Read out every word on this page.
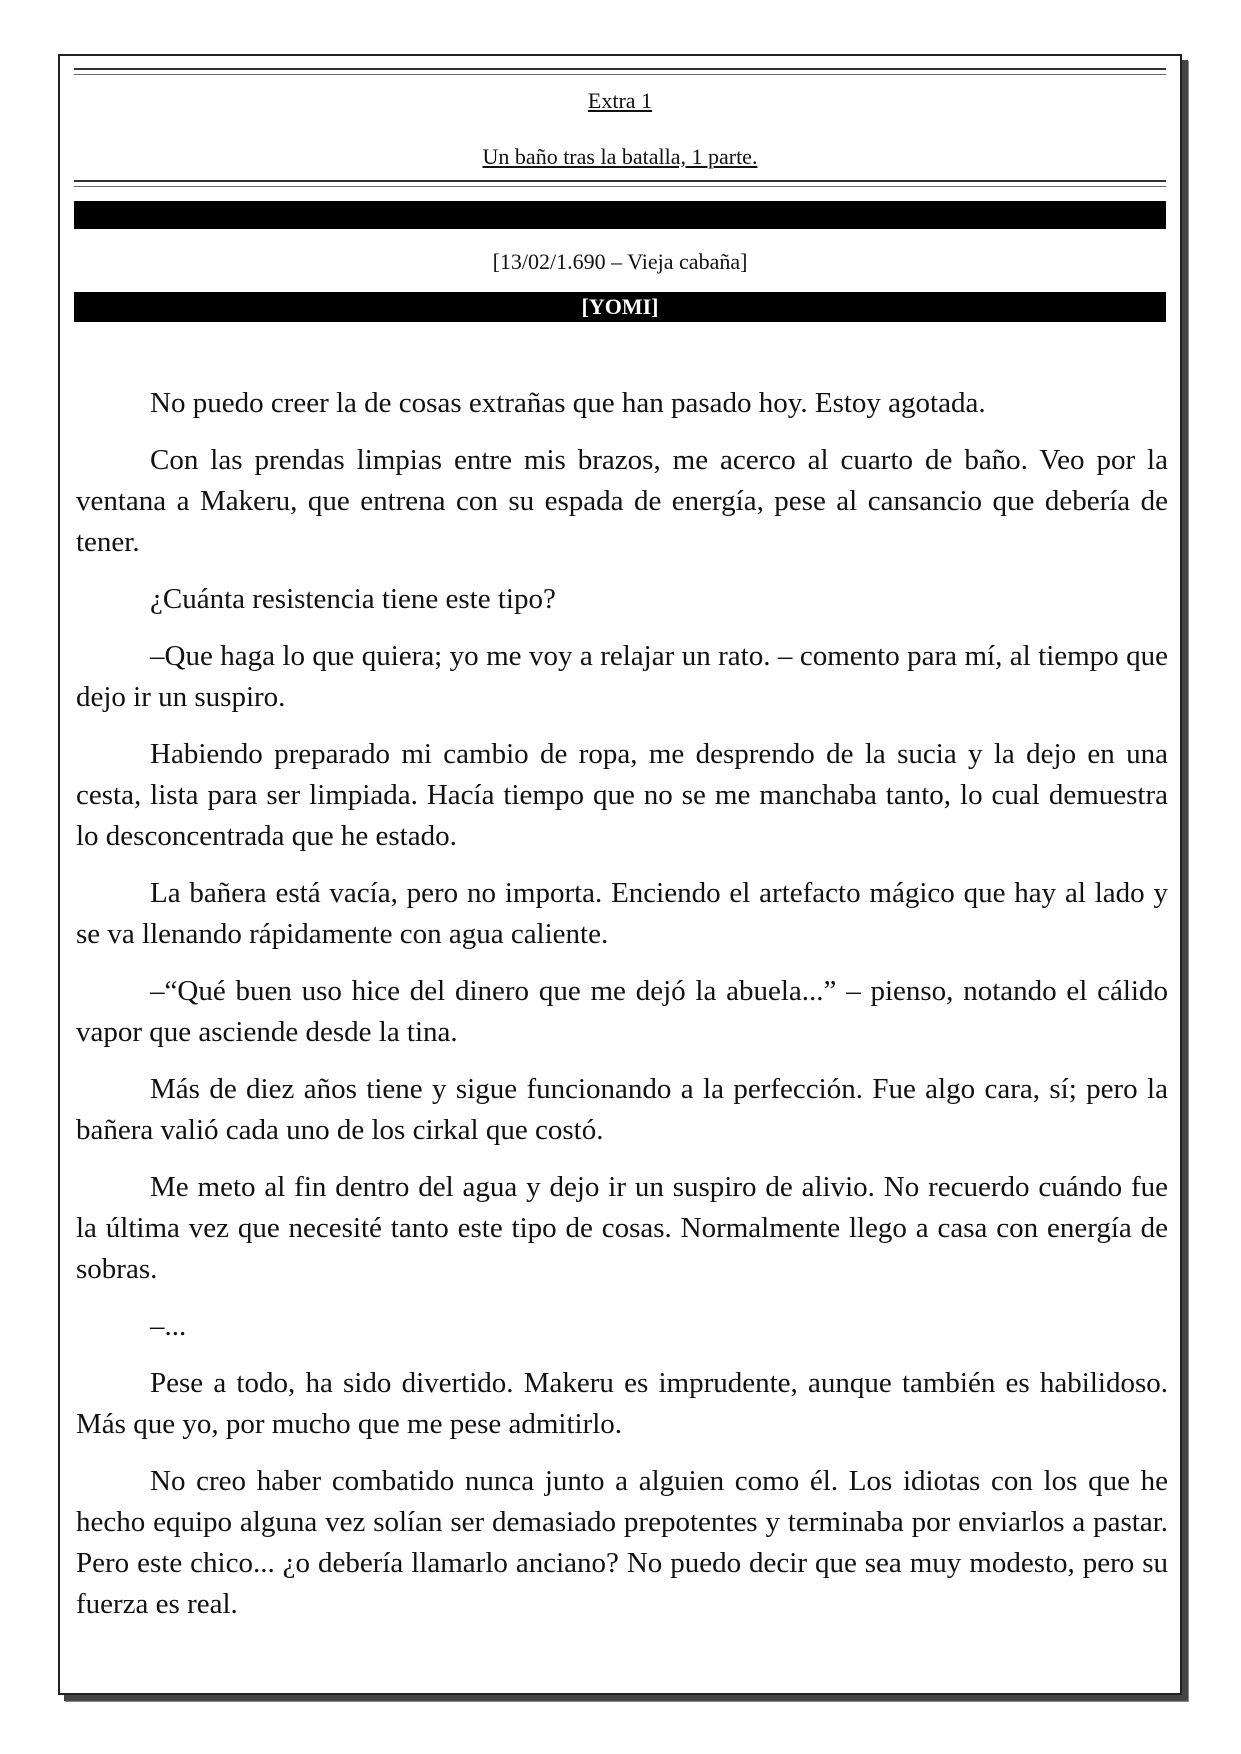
Extra 1
Un baño tras la batalla, 1 parte.
[13/02/1.690 – Vieja cabaña]
[YOMI]

No puedo creer la de cosas extrañas que han pasado hoy. Estoy agotada.

Con las prendas limpias entre mis brazos, me acerco al cuarto de baño. Veo por la ventana a Makeru, que entrena con su espada de energía, pese al cansancio que debería de tener.

¿Cuánta resistencia tiene este tipo?

–Que haga lo que quiera; yo me voy a relajar un rato. – comento para mí, al tiempo que dejo ir un suspiro.

Habiendo preparado mi cambio de ropa, me desprendo de la sucia y la dejo en una cesta, lista para ser limpiada. Hacía tiempo que no se me manchaba tanto, lo cual demuestra lo desconcentrada que he estado.

La bañera está vacía, pero no importa. Enciendo el artefacto mágico que hay al lado y se va llenando rápidamente con agua caliente.

–“Qué buen uso hice del dinero que me dejó la abuela...” – pienso, notando el cálido vapor que asciende desde la tina.

Más de diez años tiene y sigue funcionando a la perfección. Fue algo cara, sí; pero la bañera valió cada uno de los cirkal que costó.

Me meto al fin dentro del agua y dejo ir un suspiro de alivio. No recuerdo cuándo fue la última vez que necesité tanto este tipo de cosas. Normalmente llego a casa con energía de sobras.

–...

Pese a todo, ha sido divertido. Makeru es imprudente, aunque también es habilidoso. Más que yo, por mucho que me pese admitirlo.

No creo haber combatido nunca junto a alguien como él. Los idiotas con los que he hecho equipo alguna vez solían ser demasiado prepotentes y terminaba por enviarlos a pastar. Pero este chico... ¿o debería llamarlo anciano? No puedo decir que sea muy modesto, pero su fuerza es real.
